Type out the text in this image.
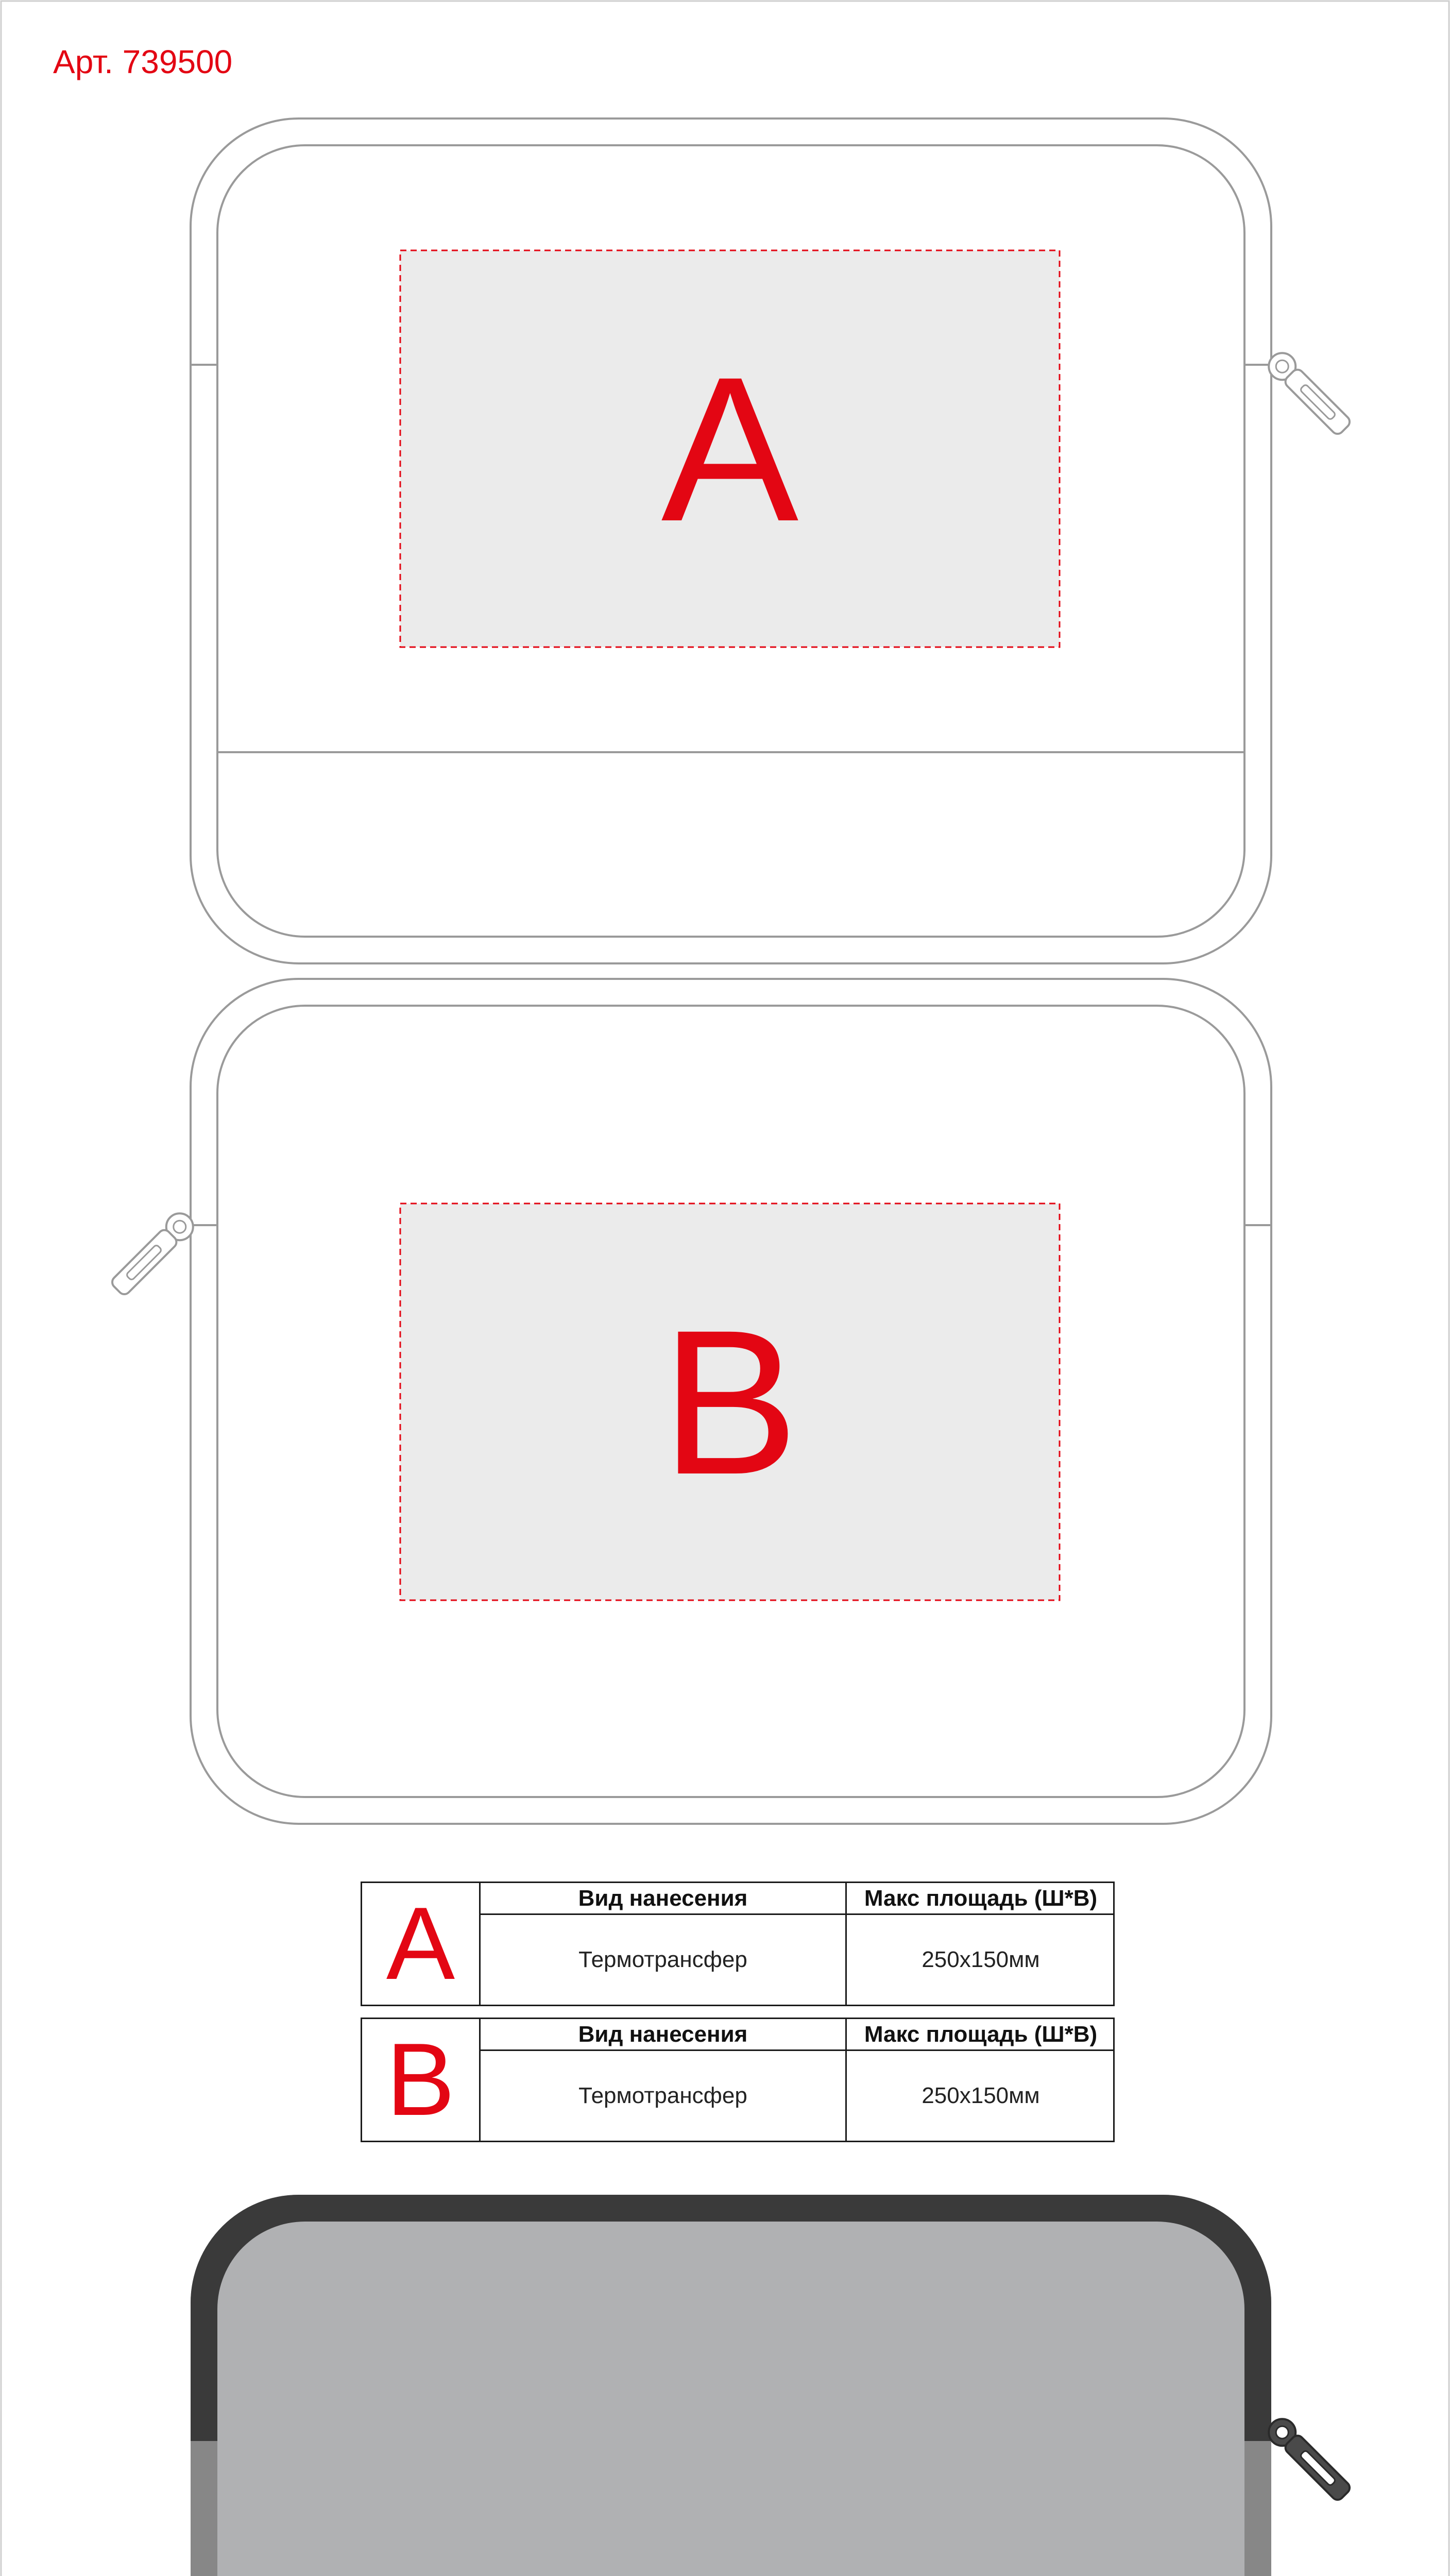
Арт. 739500
A
B
A	Вид нанесения	Макс площадь (Ш*В)
Термотрансфер	250x150мм
B	Вид нанесения	Макс площадь (Ш*В)
Термотрансфер	250x150мм
